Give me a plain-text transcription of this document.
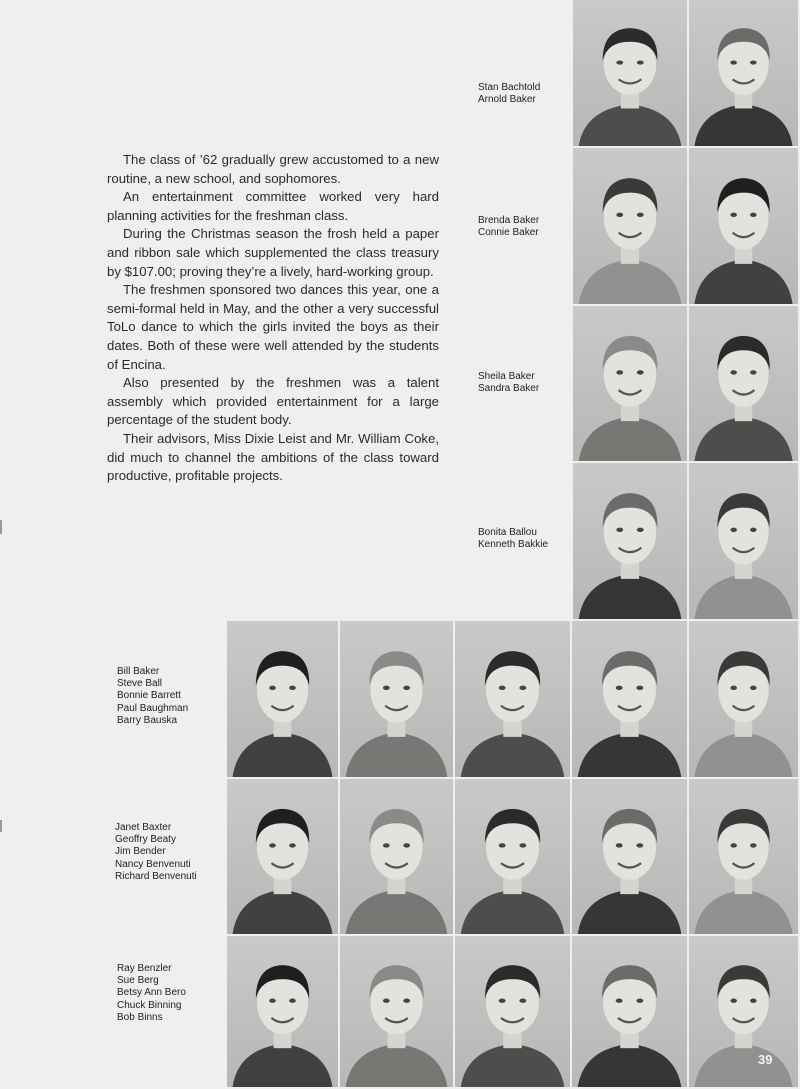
The class of ’62 gradually grew accustomed to a new routine, a new school, and sophomores.

An entertainment committee worked very hard planning activities for the freshman class.

During the Christmas season the frosh held a paper and ribbon sale which supplemented the class treasury by $107.00; proving they’re a lively, hard-working group.

The freshmen sponsored two dances this year, one a semi-formal held in May, and the other a very successful ToLo dance to which the girls invited the boys as their dates. Both of these were well attended by the students of Encina.

Also presented by the freshmen was a talent assembly which provided entertainment for a large percentage of the student body.

Their advisors, Miss Dixie Leist and Mr. William Coke, did much to channel the ambitions of the class toward productive, profitable projects.

Stan Bachtold
Arnold Baker
Brenda Baker
Connie Baker
Sheila Baker
Sandra Baker
Bonita Ballou
Kenneth Bakkie
Bill Baker
Steve Ball
Bonnie Barrett
Paul Baughman
Barry Bauska
Janet Baxter
Geoffry Beaty
Jim Bender
Nancy Benvenuti
Richard Benvenuti
Ray Benzler
Sue Berg
Betsy Ann Bero
Chuck Binning
Bob Binns
39
